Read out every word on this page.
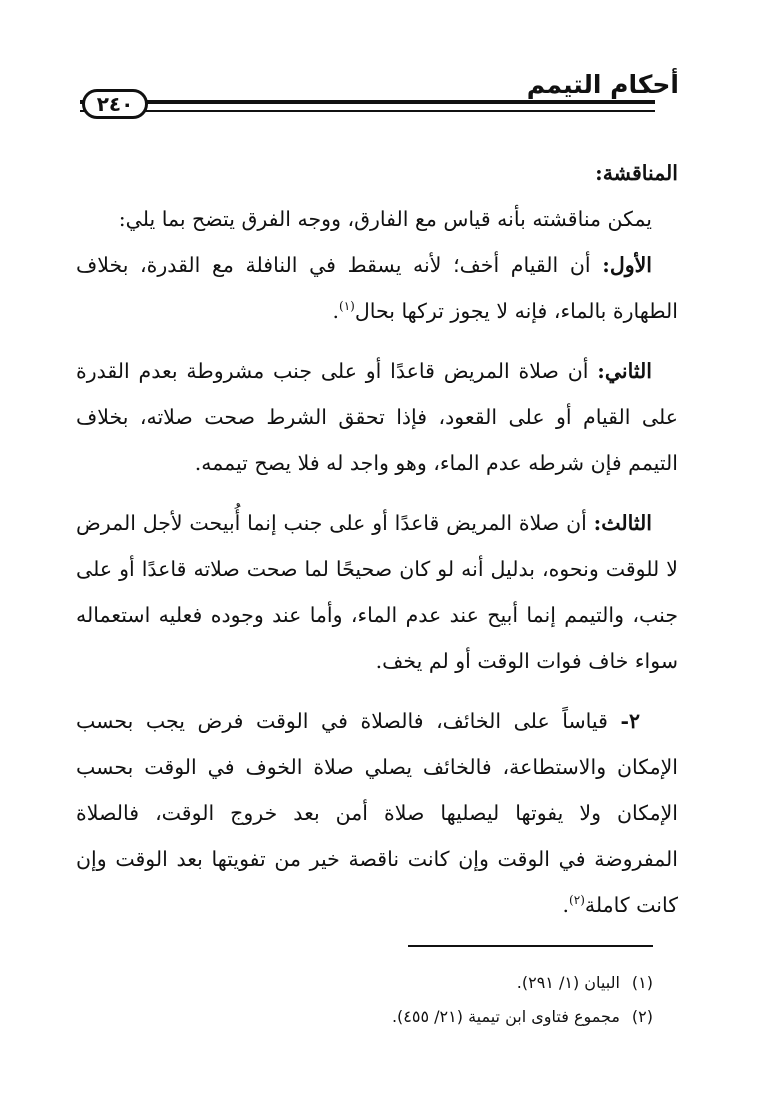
أحكام التيمم
٢٤٠

المناقشة:

يمكن مناقشته بأنه قياس مع الفارق، ووجه الفرق يتضح بما يلي:

الأول: أن القيام أخف؛ لأنه يسقط في النافلة مع القدرة، بخلاف الطهارة بالماء، فإنه لا يجوز تركها بحال$^{(١)}$.

الثاني: أن صلاة المريض قاعدًا أو على جنب مشروطة بعدم القدرة على القيام أو على القعود، فإذا تحقق الشرط صحت صلاته، بخلاف التيمم فإن شرطه عدم الماء، وهو واجد له فلا يصح تيممه.

الثالث: أن صلاة المريض قاعدًا أو على جنب إنما أُبيحت لأجل المرض لا للوقت ونحوه، بدليل أنه لو كان صحيحًا لما صحت صلاته قاعدًا أو على جنب، والتيمم إنما أبيح عند عدم الماء، وأما عند وجوده فعليه استعماله سواء خاف فوات الوقت أو لم يخف.

٢- قياساً على الخائف، فالصلاة في الوقت فرض يجب بحسب الإمكان والاستطاعة، فالخائف يصلي صلاة الخوف في الوقت بحسب الإمكان ولا يفوتها ليصليها صلاة أمن بعد خروج الوقت، فالصلاة المفروضة في الوقت وإن كانت ناقصة خير من تفويتها بعد الوقت وإن كانت كاملة$^{(٢)}$.

(١)البيان (١/ ٢٩١).
(٢)مجموع فتاوى ابن تيمية (٢١/ ٤٥٥).
